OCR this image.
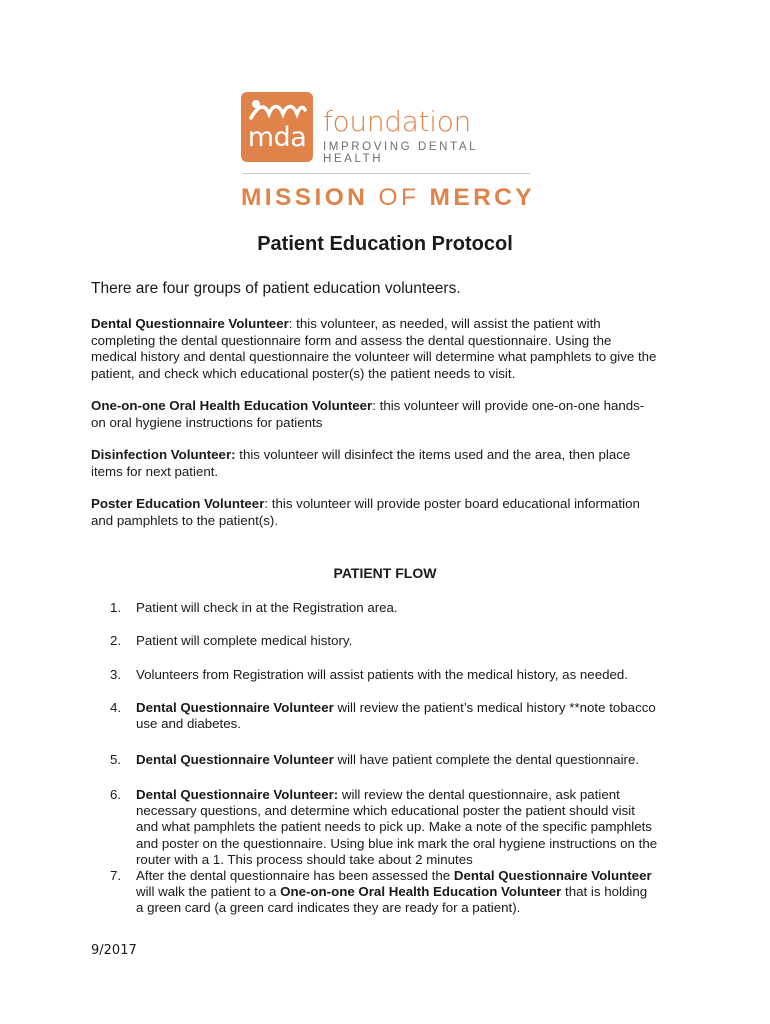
mda foundation
IMPROVING DENTAL HEALTH
MISSION OF MERCY
Patient Education Protocol
There are four groups of patient education volunteers.
Dental Questionnaire Volunteer: this volunteer, as needed, will assist the patient with
completing the dental questionnaire form and assess the dental questionnaire. Using the
medical history and dental questionnaire the volunteer will determine what pamphlets to give the
patient, and check which educational poster(s) the patient needs to visit.
One-on-one Oral Health Education Volunteer: this volunteer will provide one-on-one hands-
on oral hygiene instructions for patients
Disinfection Volunteer: this volunteer will disinfect the items used and the area, then place
items for next patient.
Poster Education Volunteer: this volunteer will provide poster board educational information
and pamphlets to the patient(s).
PATIENT FLOW
1. Patient will check in at the Registration area.
2. Patient will complete medical history.
3. Volunteers from Registration will assist patients with the medical history, as needed.
4. Dental Questionnaire Volunteer will review the patient’s medical history **note tobacco
use and diabetes.
5. Dental Questionnaire Volunteer will have patient complete the dental questionnaire.
6. Dental Questionnaire Volunteer: will review the dental questionnaire, ask patient
necessary questions, and determine which educational poster the patient should visit
and what pamphlets the patient needs to pick up. Make a note of the specific pamphlets
and poster on the questionnaire. Using blue ink mark the oral hygiene instructions on the
router with a 1. This process should take about 2 minutes
7. After the dental questionnaire has been assessed the Dental Questionnaire Volunteer
will walk the patient to a One-on-one Oral Health Education Volunteer that is holding
a green card (a green card indicates they are ready for a patient).
9/2017
